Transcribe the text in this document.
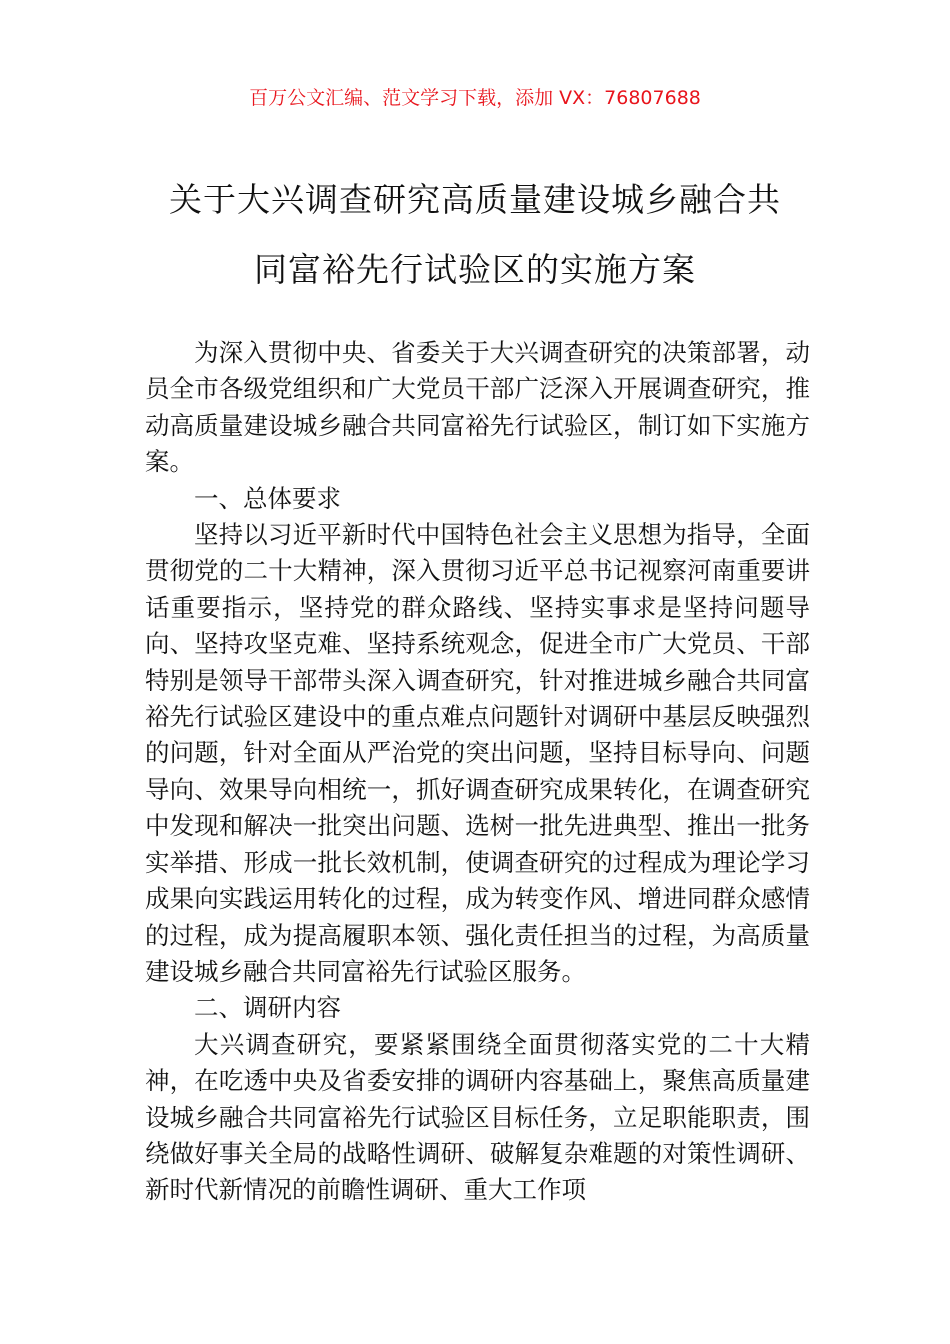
百万公文汇编、范文学习下载，添加 VX：76807688
关于大兴调查研究高质量建设城乡融合共
同富裕先行试验区的实施方案

为深入贯彻中央、省委关于大兴调查研究的决策部署，动员全市各级党组织和广大党员干部广泛深入开展调查研究，推动高质量建设城乡融合共同富裕先行试验区，制订如下实施方案。

一、总体要求

坚持以习近平新时代中国特色社会主义思想为指导，全面贯彻党的二十大精神，深入贯彻习近平总书记视察河南重要讲话重要指示，坚持党的群众路线、坚持实事求是坚持问题导向、坚持攻坚克难、坚持系统观念，促进全市广大党员、干部特别是领导干部带头深入调查研究，针对推进城乡融合共同富裕先行试验区建设中的重点难点问题针对调研中基层反映强烈的问题，针对全面从严治党的突出问题，坚持目标导向、问题导向、效果导向相统一，抓好调查研究成果转化，在调查研究中发现和解决一批突出问题、选树一批先进典型、推出一批务实举措、形成一批长效机制，使调查研究的过程成为理论学习成果向实践运用转化的过程，成为转变作风、增进同群众感情的过程，成为提高履职本领、强化责任担当的过程，为高质量建设城乡融合共同富裕先行试验区服务。

二、调研内容

大兴调查研究，要紧紧围绕全面贯彻落实党的二十大精神，在吃透中央及省委安排的调研内容基础上，聚焦高质量建设城乡融合共同富裕先行试验区目标任务，立足职能职责，围绕做好事关全局的战略性调研、破解复杂难题的对策性调研、新时代新情况的前瞻性调研、重大工作项
